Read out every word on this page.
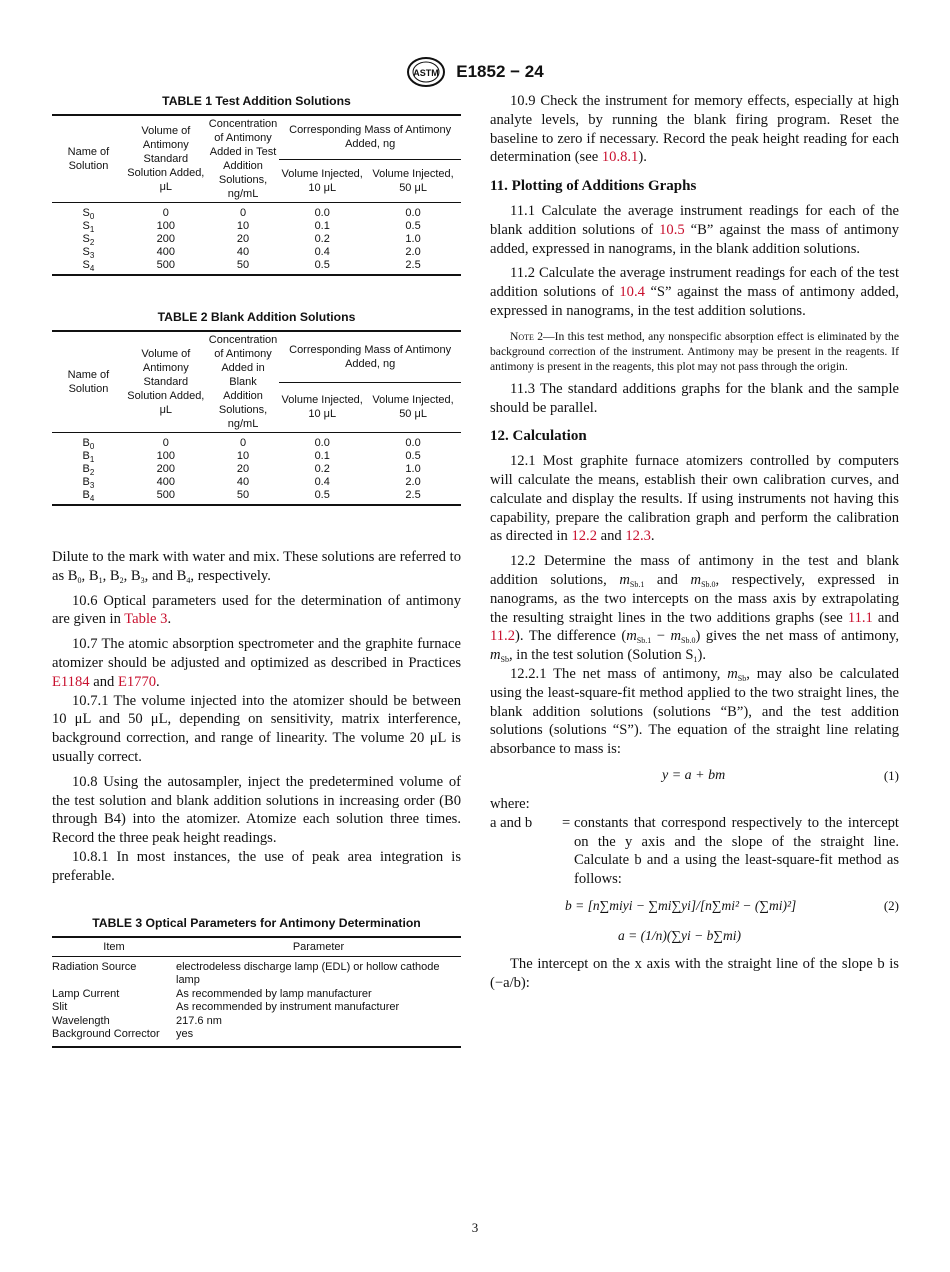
ASTM E1852 − 24
TABLE 1 Test Addition Solutions
Name of Solution	Volume of Antimony Standard Solution Added, μL	Concentration of Antimony Added in Test Addition Solutions, ng/mL	Corresponding Mass of Antimony Added, ng	
			Volume Injected, 10 μL	Volume Injected, 50 μL
$S_0$	0	0	0.0	0.0
$S_1$	100	10	0.1	0.5
$S_2$	200	20	0.2	1.0
$S_3$	400	40	0.4	2.0
$S_4$	500	50	0.5	2.5
TABLE 2 Blank Addition Solutions
Name of Solution	Volume of Antimony Standard Solution Added, μL	Concentration of Antimony Added in Blank Addition Solutions, ng/mL	Corresponding Mass of Antimony Added, ng	
			Volume Injected, 10 μL	Volume Injected, 50 μL
$B_0$	0	0	0.0	0.0
$B_1$	100	10	0.1	0.5
$B_2$	200	20	0.2	1.0
$B_3$	400	40	0.4	2.0
$B_4$	500	50	0.5	2.5

Dilute to the mark with water and mix. These solutions are referred to as $B_0$, $B_1$, $B_2$, $B_3$, and $B_4$, respectively.

10.6 Optical parameters used for the determination of antimony are given in Table 3.

10.7 The atomic absorption spectrometer and the graphite furnace atomizer should be adjusted and optimized as described in Practices E1184 and E1770.

10.7.1 The volume injected into the atomizer should be between 10 μL and 50 μL, depending on sensitivity, matrix interference, background correction, and range of linearity. The volume 20 μL is usually correct.

10.8 Using the autosampler, inject the predetermined volume of the test solution and blank addition solutions in increasing order (B0 through B4) into the atomizer. Atomize each solution three times. Record the three peak height readings.

10.8.1 In most instances, the use of peak area integration is preferable.

TABLE 3 Optical Parameters for Antimony Determination
Item	Parameter
Radiation Source	electrodeless discharge lamp (EDL) or hollow cathode lamp
Lamp Current	As recommended by lamp manufacturer
Slit	As recommended by instrument manufacturer
Wavelength	217.6 nm
Background Corrector	yes

10.9 Check the instrument for memory effects, especially at high analyte levels, by running the blank firing program. Reset the baseline to zero if necessary. Record the peak height reading for each determination (see 10.8.1).

11. Plotting of Additions Graphs

11.1 Calculate the average instrument readings for each of the blank addition solutions of 10.5 “B” against the mass of antimony added, expressed in nanograms, in the blank addition solutions.

11.2 Calculate the average instrument readings for each of the test addition solutions of 10.4 “S” against the mass of antimony added, expressed in nanograms, in the test addition solutions.

Note 2—In this test method, any nonspecific absorption effect is eliminated by the background correction of the instrument. Antimony may be present in the reagents. If antimony is present in the reagents, this plot may not pass through the origin.

11.3 The standard additions graphs for the blank and the sample should be parallel.

12. Calculation

12.1 Most graphite furnace atomizers controlled by computers will calculate the means, establish their own calibration curves, and calculate and display the results. If using instruments not having this capability, prepare the calibration graph and perform the calibration as directed in 12.2 and 12.3.

12.2 Determine the mass of antimony in the test and blank addition solutions, $m_{Sb.1}$ and $m_{Sb.0}$, respectively, expressed in nanograms, as the two intercepts on the mass axis by extrapolating the resulting straight lines in the two additions graphs (see 11.1 and 11.2). The difference $(m_{Sb.1} - m_{Sb.0})$ gives the net mass of antimony, $m_{Sb}$, in the test solution (Solution $S_1$).

12.2.1 The net mass of antimony, $m_{Sb}$, may also be calculated using the least-square-fit method applied to the two straight lines, the blank addition solutions (solutions “B”), and the test addition solutions (solutions “S”). The equation of the straight line relating absorbance to mass is:

y = a + bm	(1)

where:

a and b	= constants that correspond respectively to the intercept on the y axis and the slope of the straight line. Calculate b and a using the least-square-fit method as follows:
b = [n∑miyi − ∑mi∑yi]/[n∑mi² − (∑mi)²]	(2)
a = (1/n)(∑yi − b∑mi)

The intercept on the x axis with the straight line of the slope b is (−a/b):

3
